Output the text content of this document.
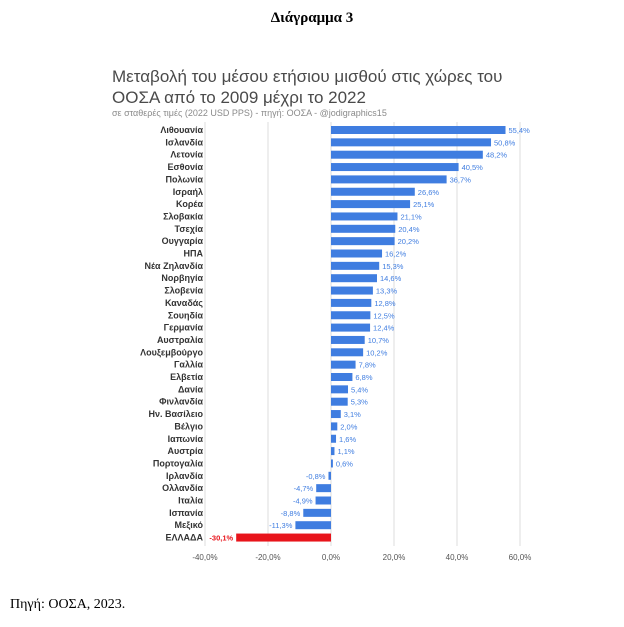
Διάγραμμα 3
Μεταβολή του μέσου ετήσιου μισθού στις χώρες του ΟΟΣΑ από το 2009 μέχρι το 2022
σε σταθερές τιμές (2022 USD PPS) - πηγή: ΟΟΣΑ - @jodigraphics15
Λιθουανία
Ισλανδία
Λετονία
Εσθονία
Πολωνία
Ισραήλ
Κορέα
Σλοβακία
Τσεχία
Ουγγαρία
ΗΠΑ
Νέα Ζηλανδία
Νορβηγία
Σλοβενία
Καναδάς
Σουηδία
Γερμανία
Αυστραλία
Λουξεμβούργο
Γαλλία
Ελβετία
Δανία
Φινλανδία
Ην. Βασίλειο
Βέλγιο
Ιαπωνία
Αυστρία
Πορτογαλία
Ιρλανδία
Ολλανδία
Ιταλία
Ισπανία
Μεξικό
ΕΛΛΑΔΑ
55,4%
50,8%
48,2%
40,5%
36,7%
26,6%
25,1%
21,1%
20,4%
20,2%
16,2%
15,3%
14,6%
13,3%
12,8%
12,5%
12,4%
10,7%
10,2%
7,8%
6,8%
5,4%
5,3%
3,1%
2,0%
1,6%
1,1%
0,6%
-0,8%
-4,7%
-4,9%
-8,8%
-11,3%
-30,1%
-40,0%	-20,0%	0,0%	20,0%	40,0%	60,0%
Πηγή: ΟΟΣΑ, 2023.
